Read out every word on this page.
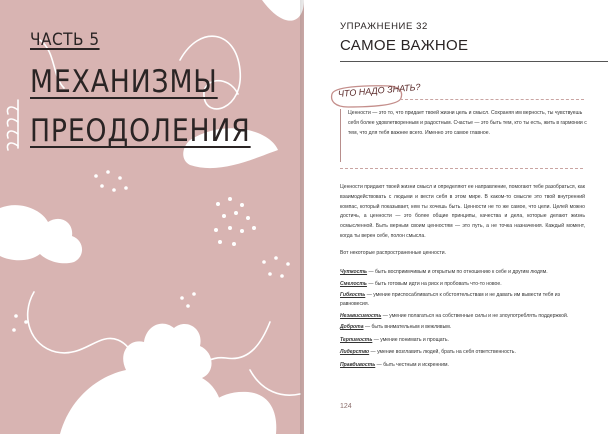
ЧАСТЬ 5
МЕХАНИЗМЫ
ПРЕОДОЛЕНИЯ
УПРАЖНЕНИЕ 32
САМОЕ ВАЖНОЕ
ЧТО НАДО ЗНАТЬ?

Ценности — это то, что придает твоей жизни цель и смысл. Сохраняя им верность, ты чувствуешь себя более удовлетворенным и радостным. Счастье — это быть тем, кто ты есть, жить в гармонии с тем, что для тебя важнее всего. Именно это самое главное.

Ценности придают твоей жизни смысл и определяют ее направление, помогают тебе разобраться, как взаимодействовать с людьми и вести себя в этом мире. В каком-то смысле это твой внутренний компас, который показывает, кем ты хочешь быть. Ценности не то же самое, что цели. Целей можно достичь, а ценности — это более общие принципы, качества и дела, которые делают жизнь осмысленной. Быть верным своим ценностям — это путь, а не точка назначения. Каждый момент, когда ты верен себе, полон смысла.

Вот некоторые распространенные ценности.

Чуткость — быть восприимчивым и открытым по отношению к себе и другим людям.
Смелость — быть готовым идти на риск и пробовать что-то новое.
Гибкость — умение приспосабливаться к обстоятельствам и не давать им вывести тебя из равновесия.
Независимость — умение полагаться на собственные силы и не злоупотреблять поддержкой.
Доброта — быть внимательным и вежливым.
Терпимость — умение понимать и прощать.
Лидерство — умение возглавить людей, брать на себя ответственность.
Правдивость — быть честным и искренним.
124
